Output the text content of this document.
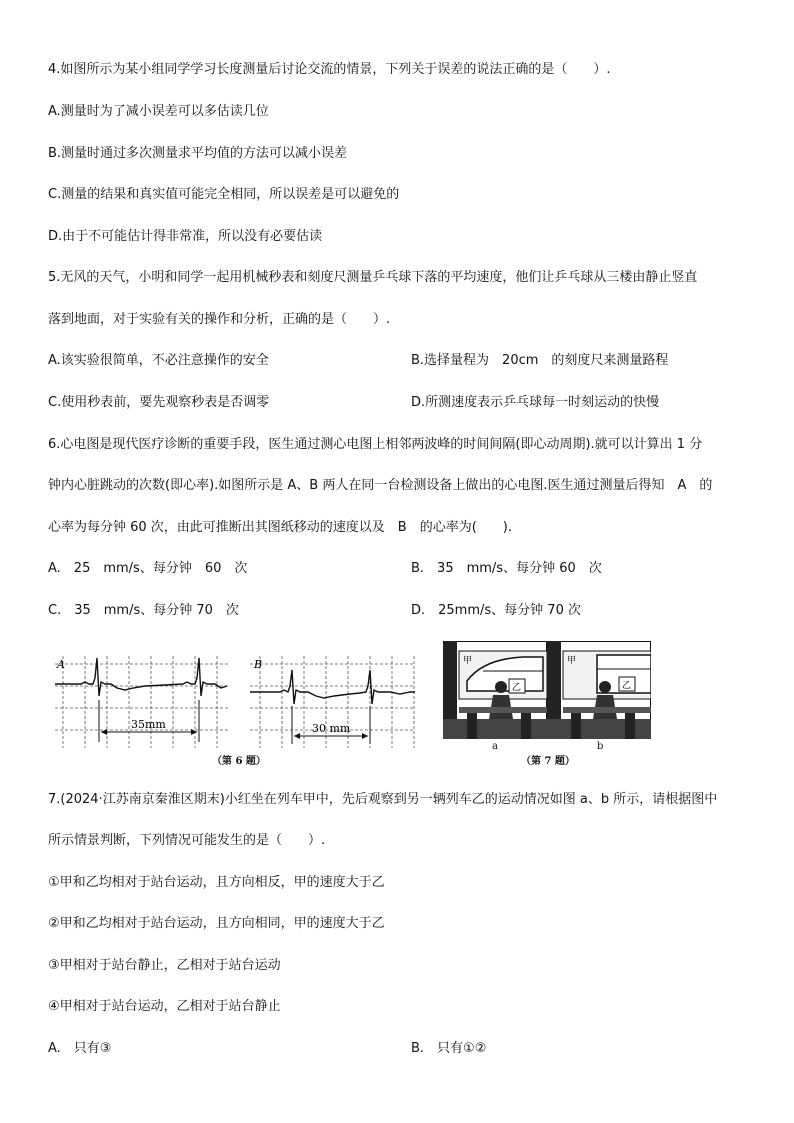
4.如图所示为某小组同学学习长度测量后讨论交流的情景，下列关于误差的说法正确的是（　　）.
A.测量时为了减小误差可以多估读几位
B.测量时通过多次测量求平均值的方法可以减小误差
C.测量的结果和真实值可能完全相同，所以误差是可以避免的
D.由于不可能估计得非常准，所以没有必要估读
5.无风的天气，小明和同学一起用机械秒表和刻度尺测量乒乓球下落的平均速度，他们让乒乓球从三楼由静止竖直
落到地面，对于实验有关的操作和分析，正确的是（　　）.
A.该实验很简单，不必注意操作的安全	B.选择量程为　20cm　的刻度尺来测量路程
C.使用秒表前，要先观察秒表是否调零	D.所测速度表示乒乓球每一时刻运动的快慢
6.心电图是现代医疗诊断的重要手段，医生通过测心电图上相邻两波峰的时间间隔(即心动周期).就可以计算出 1 分
钟内心脏跳动的次数(即心率).如图所示是 A、B 两人在同一台检测设备上做出的心电图.医生通过测量后得知　A　的
心率为每分钟 60 次，由此可推断出其图纸移动的速度以及　B　的心率为(　　).
A.　25　mm/s、每分钟　60　次	B.　35　mm/s、每分钟 60　次
C.　35　mm/s、每分钟 70　次	D.　25mm/s、每分钟 70 次
A
35mm
B
30 mm
（第 6 题）
乙
甲
a
乙
甲
b
（第 7 题）
7.(2024·江苏南京秦淮区期末)小红坐在列车甲中，先后观察到另一辆列车乙的运动情况如图 a、b 所示，请根据图中
所示情景判断，下列情况可能发生的是（　　）.
①甲和乙均相对于站台运动，且方向相反，甲的速度大于乙
②甲和乙均相对于站台运动，且方向相同，甲的速度大于乙
③甲相对于站台静止，乙相对于站台运动
④甲相对于站台运动，乙相对于站台静止
A.　只有③	B.　只有①②
